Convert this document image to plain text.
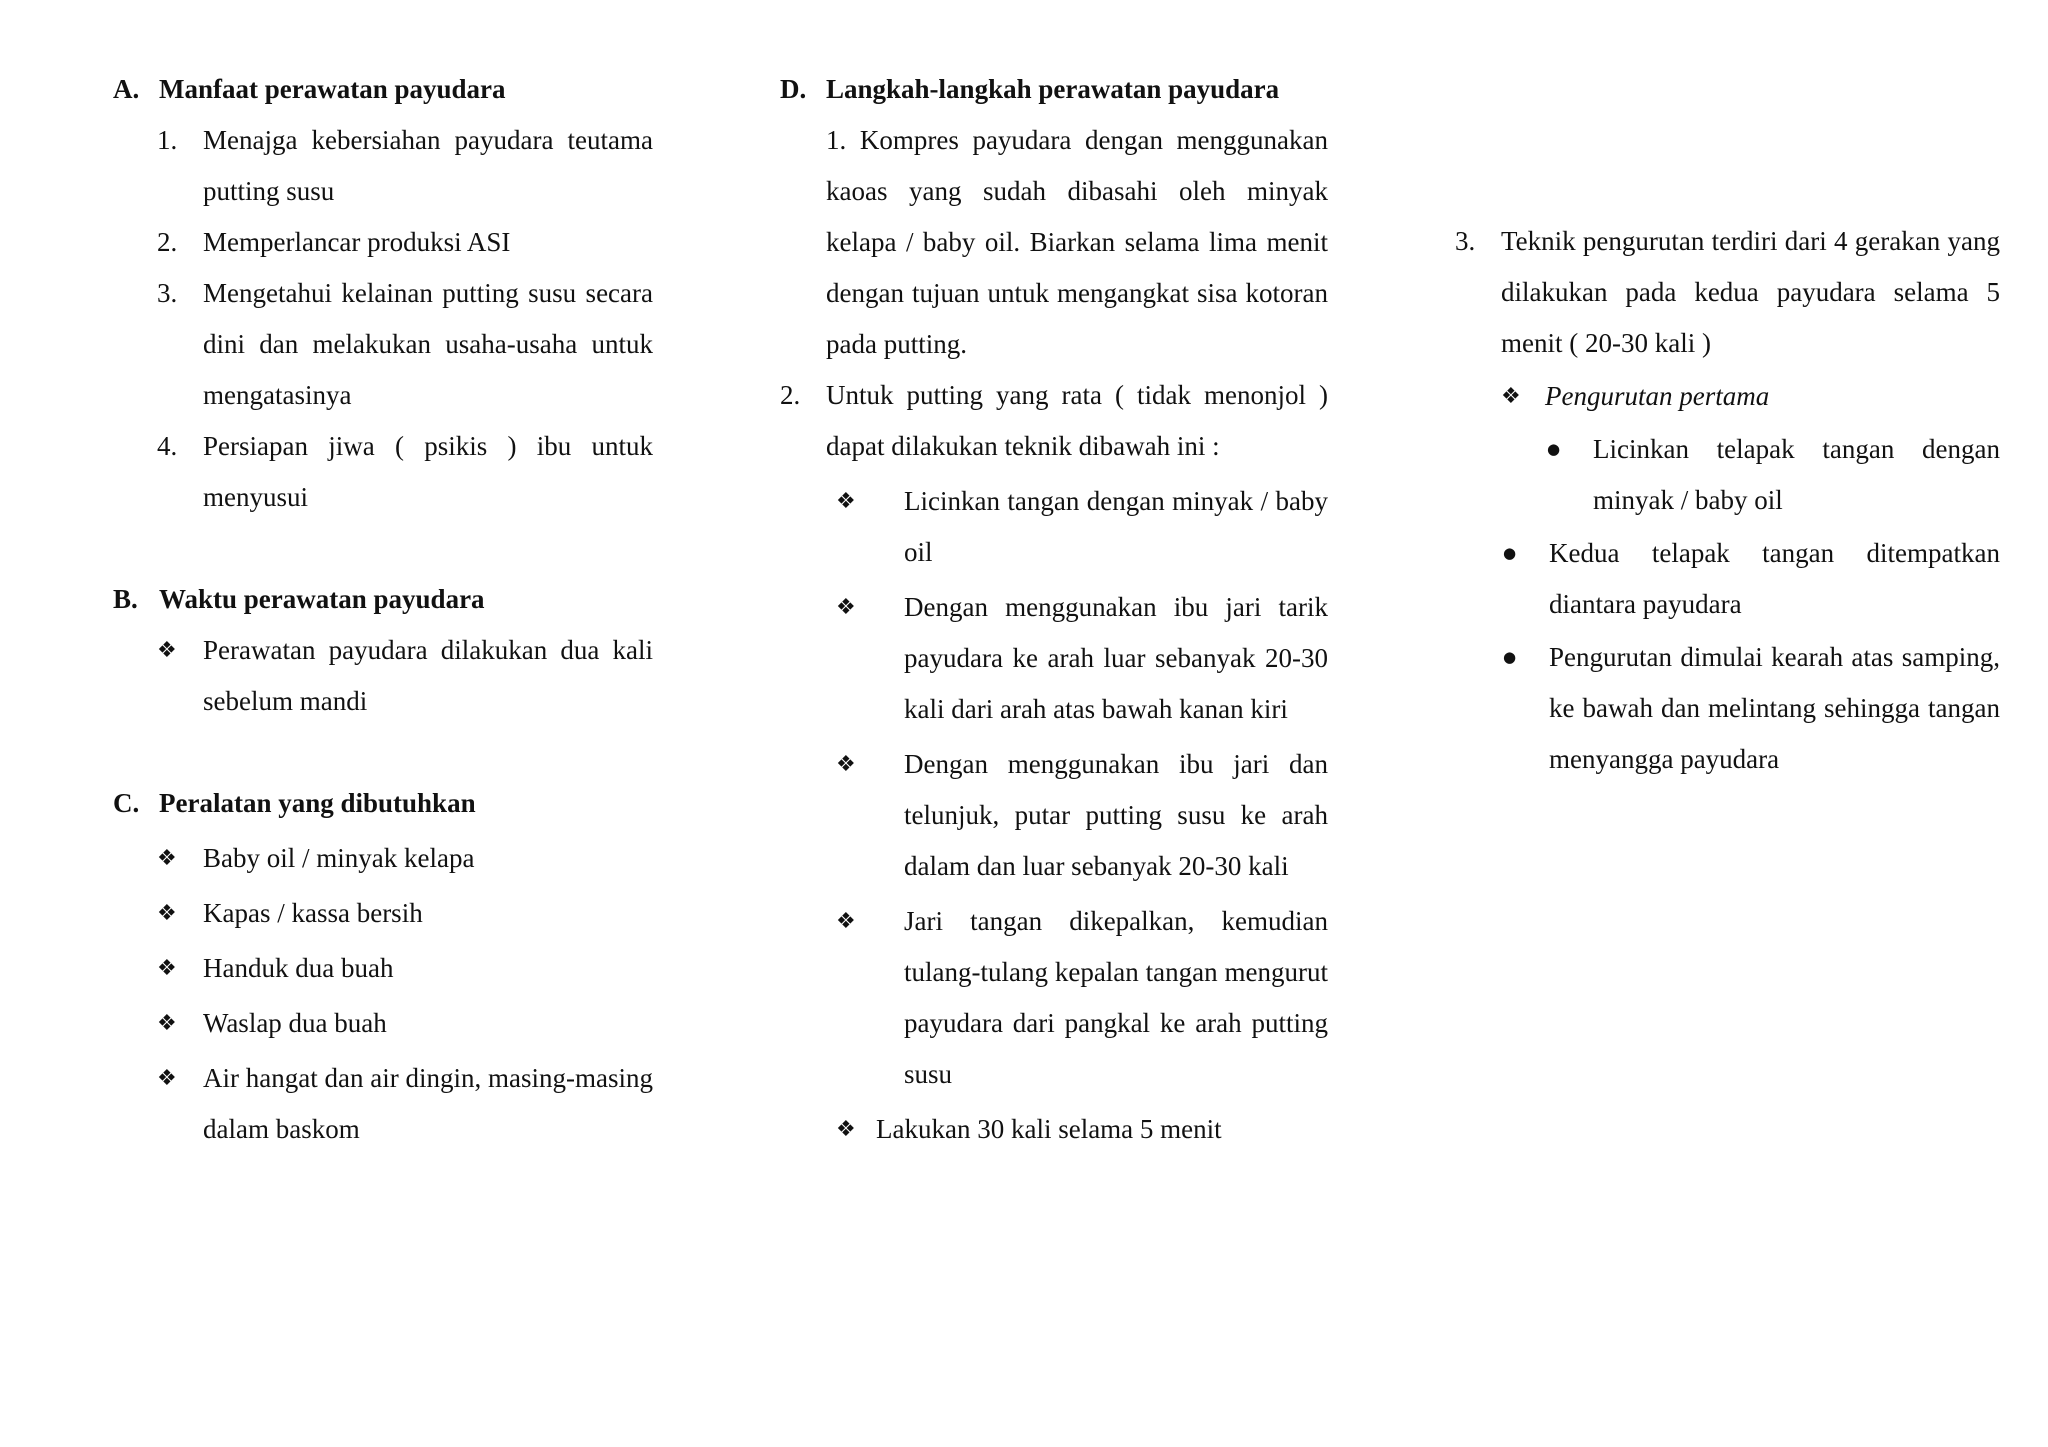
A. Manfaat perawatan payudara
1. Menajga kebersiahan payudara teutama putting susu
2. Memperlancar produksi ASI
3. Mengetahui kelainan putting susu secara dini dan melakukan usaha-usaha untuk mengatasinya
4. Persiapan jiwa ( psikis ) ibu untuk menyusui
B. Waktu perawatan payudara
❖ Perawatan payudara dilakukan dua kali sebelum mandi
C. Peralatan yang dibutuhkan
❖ Baby oil / minyak kelapa
❖ Kapas / kassa bersih
❖ Handuk dua buah
❖ Waslap dua buah
❖ Air hangat dan air dingin, masing-masing dalam baskom
D. Langkah-langkah perawatan payudara
1. Kompres payudara dengan menggunakan kaoas yang sudah dibasahi oleh minyak kelapa / baby oil. Biarkan selama lima menit dengan tujuan untuk mengangkat sisa kotoran pada putting.
2. Untuk putting yang rata ( tidak menonjol ) dapat dilakukan teknik dibawah ini :
❖ Licinkan tangan dengan minyak / baby oil
❖ Dengan menggunakan ibu jari tarik payudara ke arah luar sebanyak 20-30 kali dari arah atas bawah kanan kiri
❖ Dengan menggunakan ibu jari dan telunjuk, putar putting susu ke arah dalam dan luar sebanyak 20-30 kali
❖ Jari tangan dikepalkan, kemudian tulang-tulang kepalan tangan mengurut payudara dari pangkal ke arah putting susu
❖ Lakukan 30 kali selama 5 menit
3. Teknik pengurutan terdiri dari 4 gerakan yang dilakukan pada kedua payudara selama 5 menit ( 20-30 kali )
❖ Pengurutan pertama
● Licinkan telapak tangan dengan minyak / baby oil
● Kedua telapak tangan ditempatkan diantara payudara
● Pengurutan dimulai kearah atas samping, ke bawah dan melintang sehingga tangan menyangga payudara
